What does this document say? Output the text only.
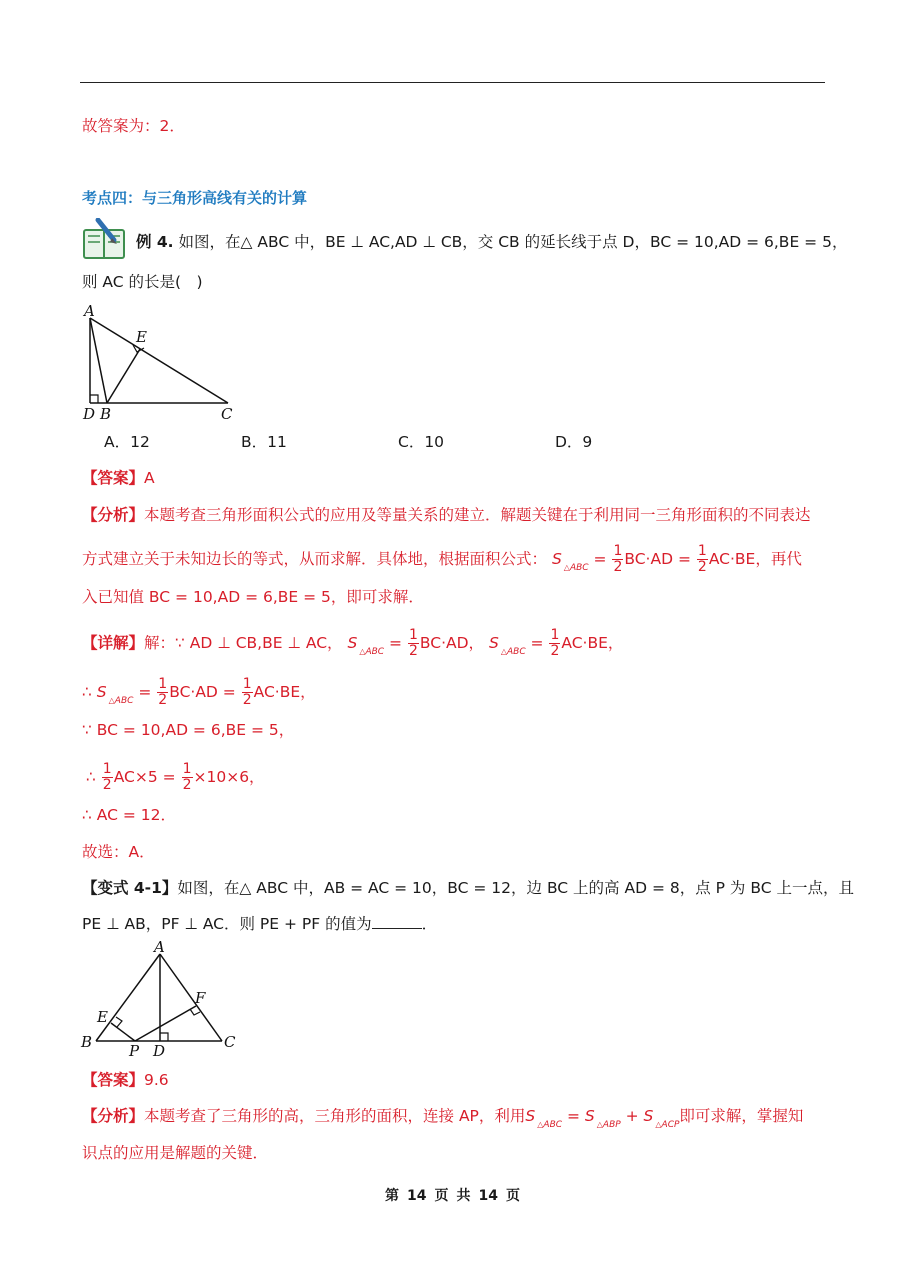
故答案为：2．
考点四：与三角形高线有关的计算
例 4. 如图，在△ ABC 中，BE ⊥ AC,AD ⊥ CB，交 CB 的延长线于点 D，BC = 10,AD = 6,BE = 5，
则 AC 的长是(　)
A
E
D B	C
A．12	B．11	C．10	D．9
【答案】A
【分析】本题考查三角形面积公式的应用及等量关系的建立．解题关键在于利用同一三角形面积的不同表达
方式建立关于未知边长的等式，从而求解．具体地，根据面积公式： S $_{\triangle ABC} = \frac{1}{2} BC\cdot AD = \frac{1}{2} AC\cdot BE$，再代
入已知值 BC = 10,AD = 6,BE = 5，即可求解．
【详解】解：∵ AD ⊥ CB,BE ⊥ AC， S $_{\triangle ABC} = \frac{1}{2} BC\cdot AD$， S $_{\triangle ABC} = \frac{1}{2} AC\cdot BE$，
∴ S $_{\triangle ABC} = \frac{1}{2} BC\cdot AD = \frac{1}{2} AC\cdot BE$，
∵ BC = 10,AD = 6,BE = 5，
∴ $\frac{1}{2} AC\times 5 = \frac{1}{2} \times 10\times 6$，
∴ AC = 12．
故选：A．
【变式 4-1】如图，在△ ABC 中，AB = AC = 10，BC = 12，边 BC 上的高 AD = 8，点 P 为 BC 上一点，且
PE ⊥ AB，PF ⊥ AC．则 PE + PF 的值为	．
A
F
E
B P D	C
【答案】9.6
【分析】本题考查了三角形的高，三角形的面积，连接 AP，利用S $_{\triangle ABC}$ = S $_{\triangle ABP}$ + S $_{\triangle ACP}$即可求解，掌握知
识点的应用是解题的关键．
第 14 页 共 14 页
